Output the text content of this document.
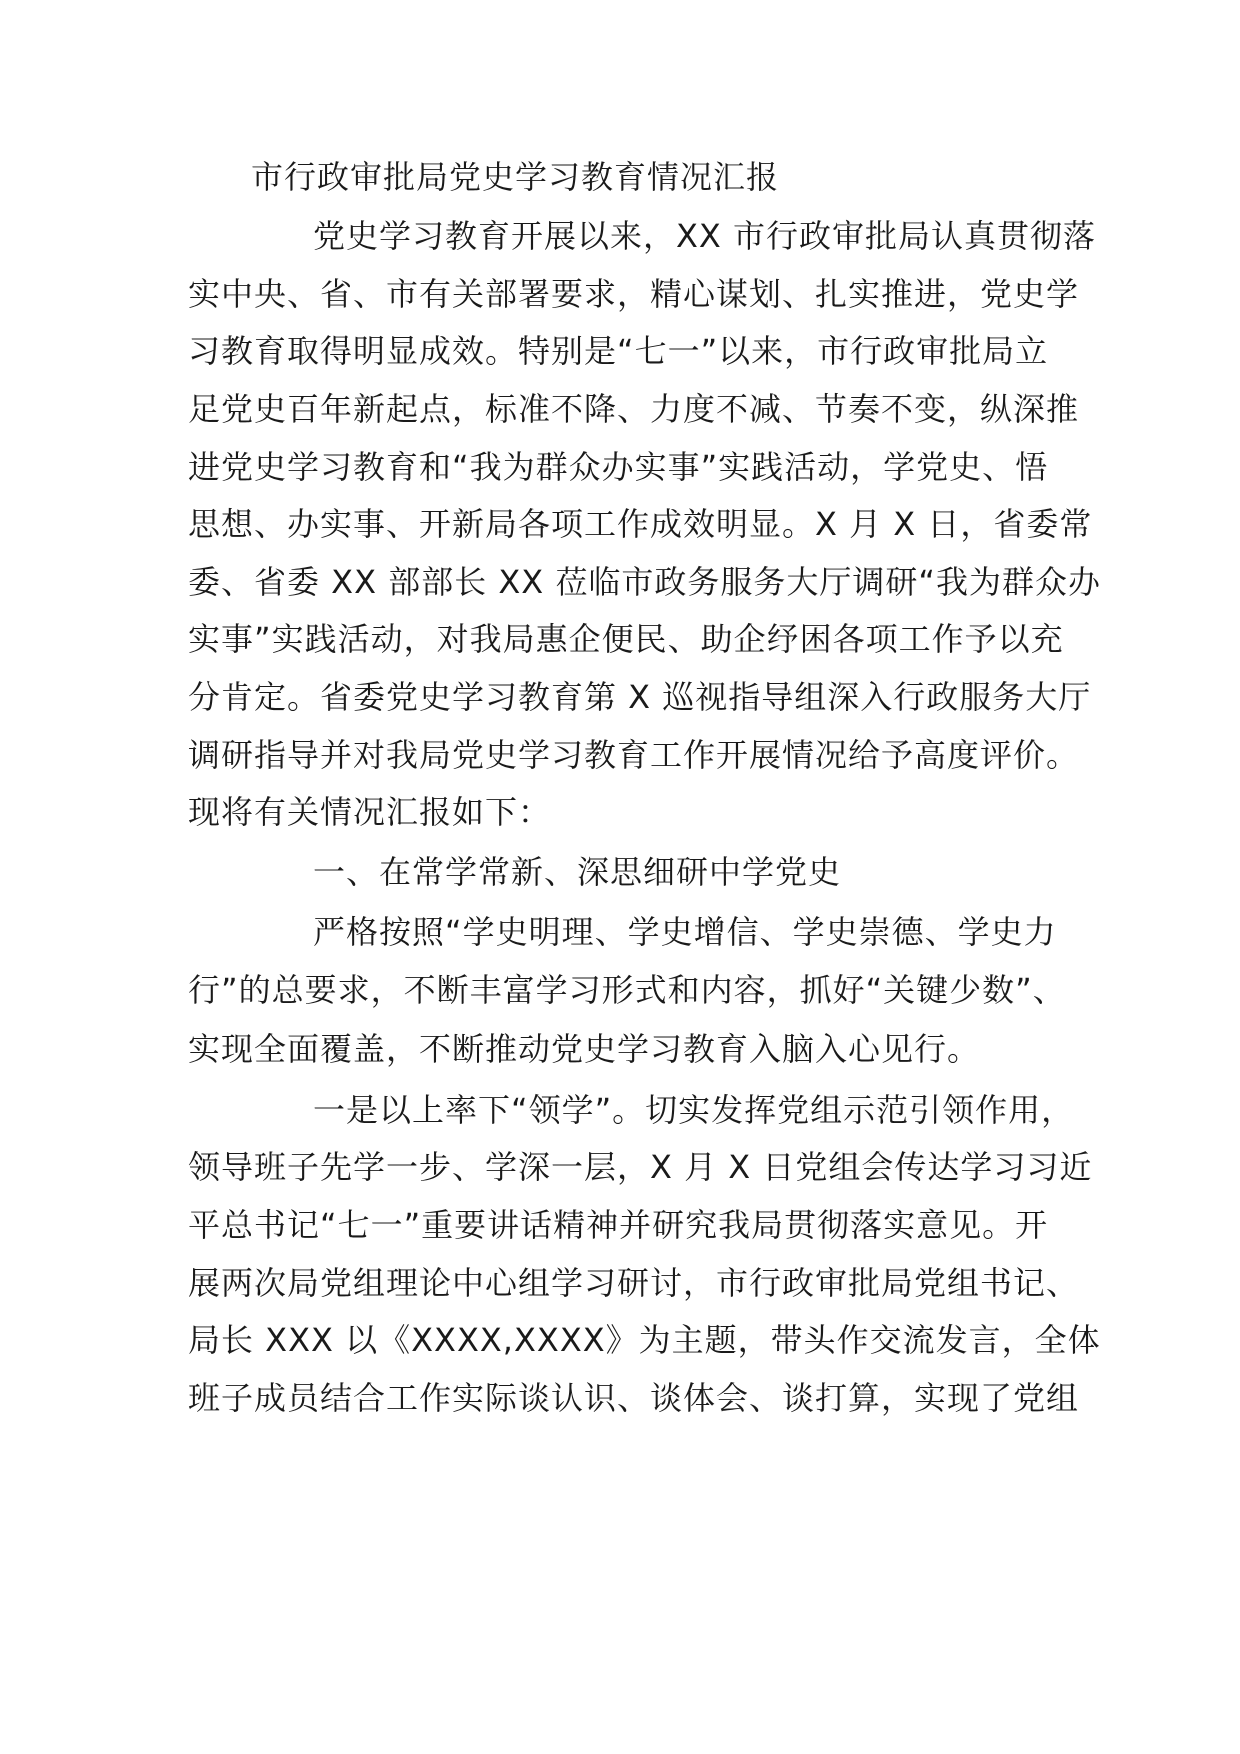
市行政审批局党史学习教育情况汇报
党史学习教育开展以来，XX 市行政审批局认真贯彻落
实中央、省、市有关部署要求，精心谋划、扎实推进，党史学
习教育取得明显成效。特别是“七一”以来，市行政审批局立
足党史百年新起点，标准不降、力度不减、节奏不变，纵深推
进党史学习教育和“我为群众办实事”实践活动，学党史、悟
思想、办实事、开新局各项工作成效明显。X 月 X 日，省委常
委、省委 XX 部部长 XX 莅临市政务服务大厅调研“我为群众办
实事”实践活动，对我局惠企便民、助企纾困各项工作予以充
分肯定。省委党史学习教育第 X 巡视指导组深入行政服务大厅
调研指导并对我局党史学习教育工作开展情况给予高度评价。
现将有关情况汇报如下：
一、在常学常新、深思细研中学党史
严格按照“学史明理、学史增信、学史崇德、学史力
行”的总要求，不断丰富学习形式和内容，抓好“关键少数”、
实现全面覆盖，不断推动党史学习教育入脑入心见行。
一是以上率下“领学”。切实发挥党组示范引领作用，
领导班子先学一步、学深一层，X 月 X 日党组会传达学习习近
平总书记“七一”重要讲话精神并研究我局贯彻落实意见。开
展两次局党组理论中心组学习研讨，市行政审批局党组书记、
局长 XXX 以《XXXX,XXXX》为主题，带头作交流发言，全体
班子成员结合工作实际谈认识、谈体会、谈打算，实现了党组
